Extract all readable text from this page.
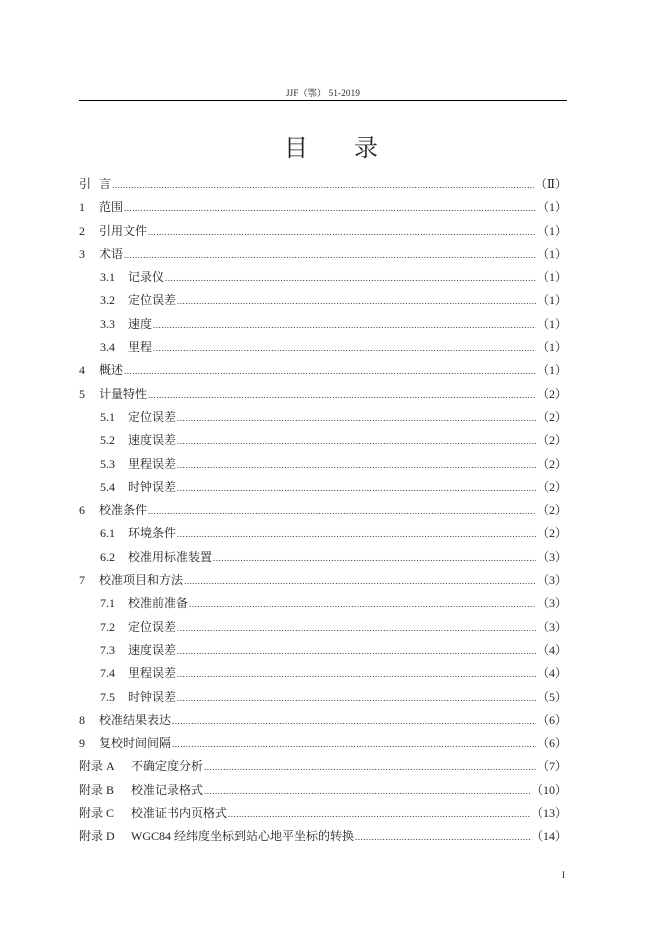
JJF（鄂） 51-2019
目 录
引 言 .....	（Ⅱ）
1	范围 .....	（1）
2	引用文件 .....	（1）
3	术语 .....	（1）
3.1	记录仪 .....	（1）
3.2	定位误差 .....	（1）
3.3	速度 .....	（1）
3.4	里程 .....	（1）
4	概述 .....	（1）
5	计量特性 .....	（2）
5.1	定位误差 .....	（2）
5.2	速度误差 .....	（2）
5.3	里程误差 .....	（2）
5.4	时钟误差 .....	（2）
6	校准条件 .....	（2）
6.1	环境条件 .....	（2）
6.2	校准用标准装置 .....	（3）
7	校准项目和方法 .....	（3）
7.1	校准前准备 .....	（3）
7.2	定位误差 .....	（3）
7.3	速度误差 .....	（4）
7.4	里程误差 .....	（4）
7.5	时钟误差 .....	（5）
8	校准结果表达 .....	（6）
9	复校时间间隔 .....	（6）
附录 A	不确定度分析 .....	（7）
附录 B	校准记录格式 .....	（10）
附录 C	校准证书内页格式 .....	（13）
附录 D	WGC84 经纬度坐标到站心地平坐标的转换 .....	（14）
I
